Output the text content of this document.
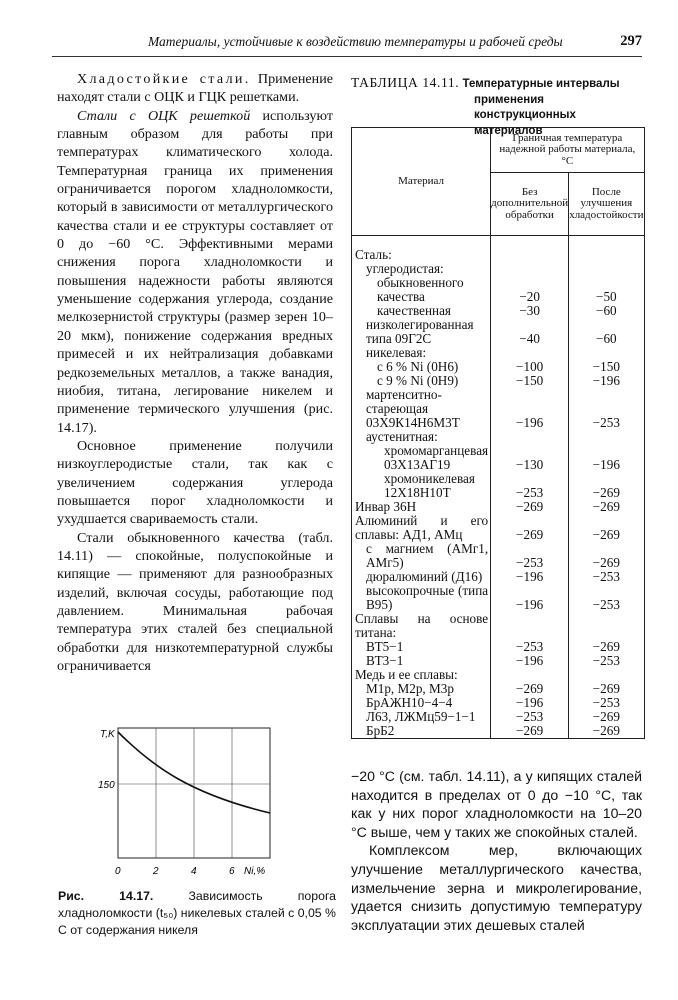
Материалы, устойчивые к воздействию температуры и рабочей среды	297

Хладостойкие стали. Применение находят стали с ОЦК и ГЦК решетками.

Стали с ОЦК решеткой используют главным образом для работы при температурах климатического холода. Температурная граница их применения ограничивается порогом хладноломкости, который в зависимости от металлургического качества стали и ее структуры составляет от 0 до −60 °С. Эффективными мерами снижения порога хладноломкости и повышения надежности работы являются уменьшение содержания углерода, создание мелкозернистой структуры (размер зерен 10–20 мкм), понижение содержания вредных примесей и их нейтрализация добавками редкоземельных металлов, а также ванадия, ниобия, титана, легирование никелем и применение термического улучшения (рис. 14.17).

Основное применение получили низкоуглеродистые стали, так как с увеличением содержания углерода повышается порог хладноломкости и ухудшается свариваемость стали.

Стали обыкновенного качества (табл. 14.11) — спокойные, полуспокойные и кипящие — применяют для разнообразных изделий, включая сосуды, работающие под давлением. Минимальная рабочая температура этих сталей без специальной обработки для низкотемпературной службы ограничивается

ТАБЛИЦА 14.11. Температурные интервалы
применения конструкционных материалов
Материал	Граничная температура надежной работы материала, °С	
	Без дополнительной обработки	После улучшения хладостойкости
Сталь:		
углеродистая:		
обыкновенного качества	−20	−50
качественная	−30	−60
низколегированная типа 09Г2С	−40	−60
никелевая:		
с 6 % Ni (0H6)	−100	−150
с 9 % Ni (0H9)	−150	−196
мартенситно-стареющая 03Х9К14Н6М3Т	−196	−253
аустенитная:		
хромомарганцевая 03Х13АГ19	−130	−196
хромоникелевая 12Х18Н10Т	−253	−269
Инвар 36Н	−269	−269
Алюминий и его сплавы: АД1, АМц	−269	−269
с магнием (АМг1, АМг5)	−253	−269
дюралюминий (Д16)	−196	−253
высокопрочные (типа В95)	−196	−253
Сплавы на основе титана:		
ВТ5−1	−253	−269
ВТ3−1	−196	−253
Медь и ее сплавы:		
М1р, М2р, М3р	−269	−269
БрАЖН10−4−4	−196	−253
Л63, ЛЖМц59−1−1	−253	−269
БрБ2	−269	−269
T,K
150
0	2	4	6 Ni,%
Рис. 14.17. Зависимость порога хладноломкости (t₅₀) никелевых сталей с 0,05 % С от содержания никеля

−20 °С (см. табл. 14.11), а у кипящих сталей находится в пределах от 0 до −10 °С, так как у них порог хладноломкости на 10–20 °С выше, чем у таких же спокойных сталей.

Комплексом мер, включающих улучшение металлургического качества, измельчение зерна и микролегирование, удается снизить допустимую температуру эксплуатации этих дешевых сталей
